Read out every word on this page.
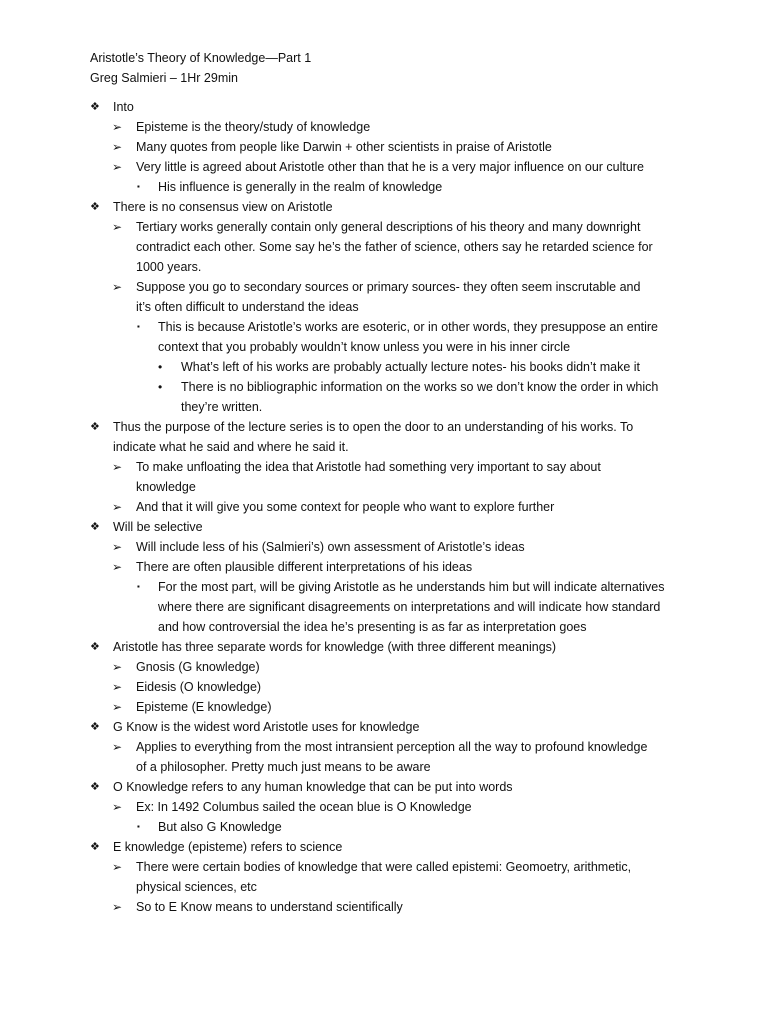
Aristotle’s Theory of Knowledge—Part 1
Greg Salmieri – 1Hr 29min
❖	Into
➢	Episteme is the theory/study of knowledge
➢	Many quotes from people like Darwin + other scientists in praise of Aristotle
➢	Very little is agreed about Aristotle other than that he is a very major influence on our culture
▪	His influence is generally in the realm of knowledge
❖	There is no consensus view on Aristotle
➢	Tertiary works generally contain only general descriptions of his theory and many downright contradict each other. Some say he’s the father of science, others say he retarded science for 1000 years.
➢	Suppose you go to secondary sources or primary sources- they often seem inscrutable and it’s often difficult to understand the ideas
▪	This is because Aristotle’s works are esoteric, or in other words, they presuppose an entire context that you probably wouldn’t know unless you were in his inner circle
•	What’s left of his works are probably actually lecture notes- his books didn’t make it
•	There is no bibliographic information on the works so we don’t know the order in which they’re written.
❖	Thus the purpose of the lecture series is to open the door to an understanding of his works. To indicate what he said and where he said it.
➢	To make unfloating the idea that Aristotle had something very important to say about knowledge
➢	And that it will give you some context for people who want to explore further
❖	Will be selective
➢	Will include less of his (Salmieri’s) own assessment of Aristotle’s ideas
➢	There are often plausible different interpretations of his ideas
▪	For the most part, will be giving Aristotle as he understands him but will indicate alternatives where there are significant disagreements on interpretations and will indicate how standard and how controversial the idea he’s presenting is as far as interpretation goes
❖	Aristotle has three separate words for knowledge (with three different meanings)
➢	Gnosis (G knowledge)
➢	Eidesis (O knowledge)
➢	Episteme (E knowledge)
❖	G Know is the widest word Aristotle uses for knowledge
➢	Applies to everything from the most intransient perception all the way to profound knowledge of a philosopher. Pretty much just means to be aware
❖	O Knowledge refers to any human knowledge that can be put into words
➢	Ex: In 1492 Columbus sailed the ocean blue is O Knowledge
▪	But also G Knowledge
❖	E knowledge (episteme) refers to science
➢	There were certain bodies of knowledge that were called epistemi: Geomoetry, arithmetic, physical sciences, etc
➢	So to E Know means to understand scientifically
